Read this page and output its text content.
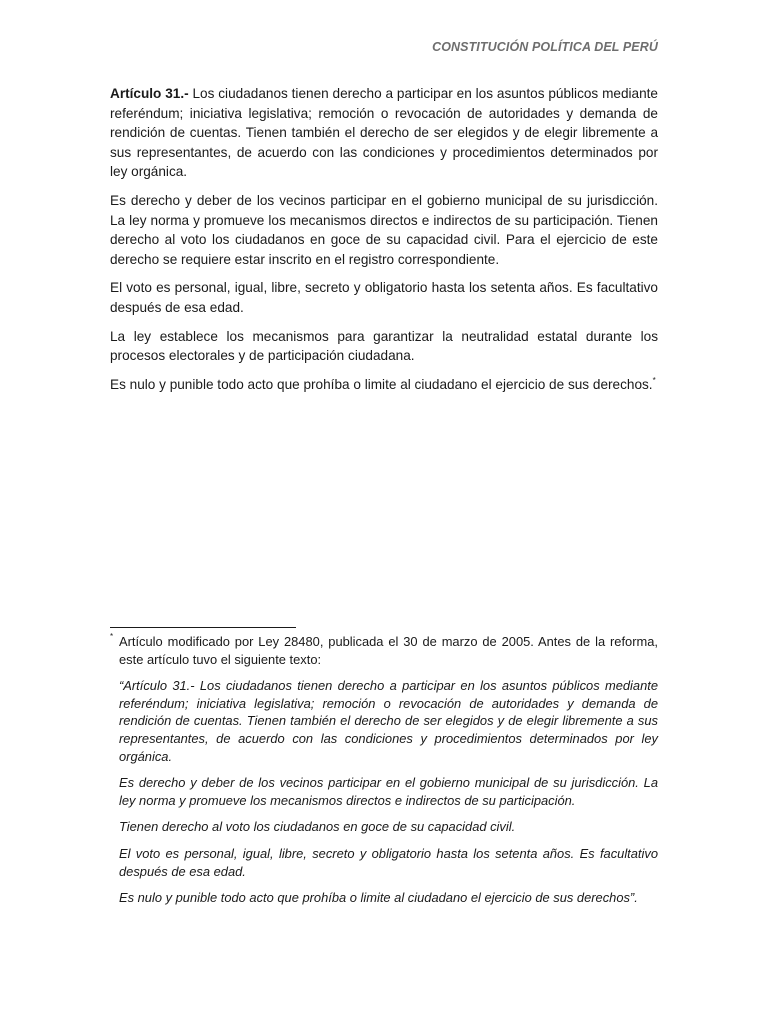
CONSTITUCIÓN POLÍTICA DEL PERÚ

Artículo 31.- Los ciudadanos tienen derecho a participar en los asuntos públicos mediante referéndum; iniciativa legislativa; remoción o revocación de autoridades y demanda de rendición de cuentas. Tienen también el derecho de ser elegidos y de elegir libremente a sus representantes, de acuerdo con las condiciones y procedimientos determinados por ley orgánica.

Es derecho y deber de los vecinos participar en el gobierno municipal de su jurisdicción. La ley norma y promueve los mecanismos directos e indirectos de su participación. Tienen derecho al voto los ciudadanos en goce de su capacidad civil. Para el ejercicio de este derecho se requiere estar inscrito en el registro correspondiente.

El voto es personal, igual, libre, secreto y obligatorio hasta los setenta años. Es facultativo después de esa edad.

La ley establece los mecanismos para garantizar la neutralidad estatal durante los procesos electorales y de participación ciudadana.

Es nulo y punible todo acto que prohíba o limite al ciudadano el ejercicio de sus derechos.*

* Artículo modificado por Ley 28480, publicada el 30 de marzo de 2005. Antes de la reforma, este artículo tuvo el siguiente texto:

“Artículo 31.- Los ciudadanos tienen derecho a participar en los asuntos públicos mediante referéndum; iniciativa legislativa; remoción o revocación de autoridades y demanda de rendición de cuentas. Tienen también el derecho de ser elegidos y de elegir libremente a sus representantes, de acuerdo con las condiciones y procedimientos determinados por ley orgánica.

Es derecho y deber de los vecinos participar en el gobierno municipal de su jurisdicción. La ley norma y promueve los mecanismos directos e indirectos de su participación.

Tienen derecho al voto los ciudadanos en goce de su capacidad civil.

El voto es personal, igual, libre, secreto y obligatorio hasta los setenta años. Es facultativo después de esa edad.

Es nulo y punible todo acto que prohíba o limite al ciudadano el ejercicio de sus derechos”.
